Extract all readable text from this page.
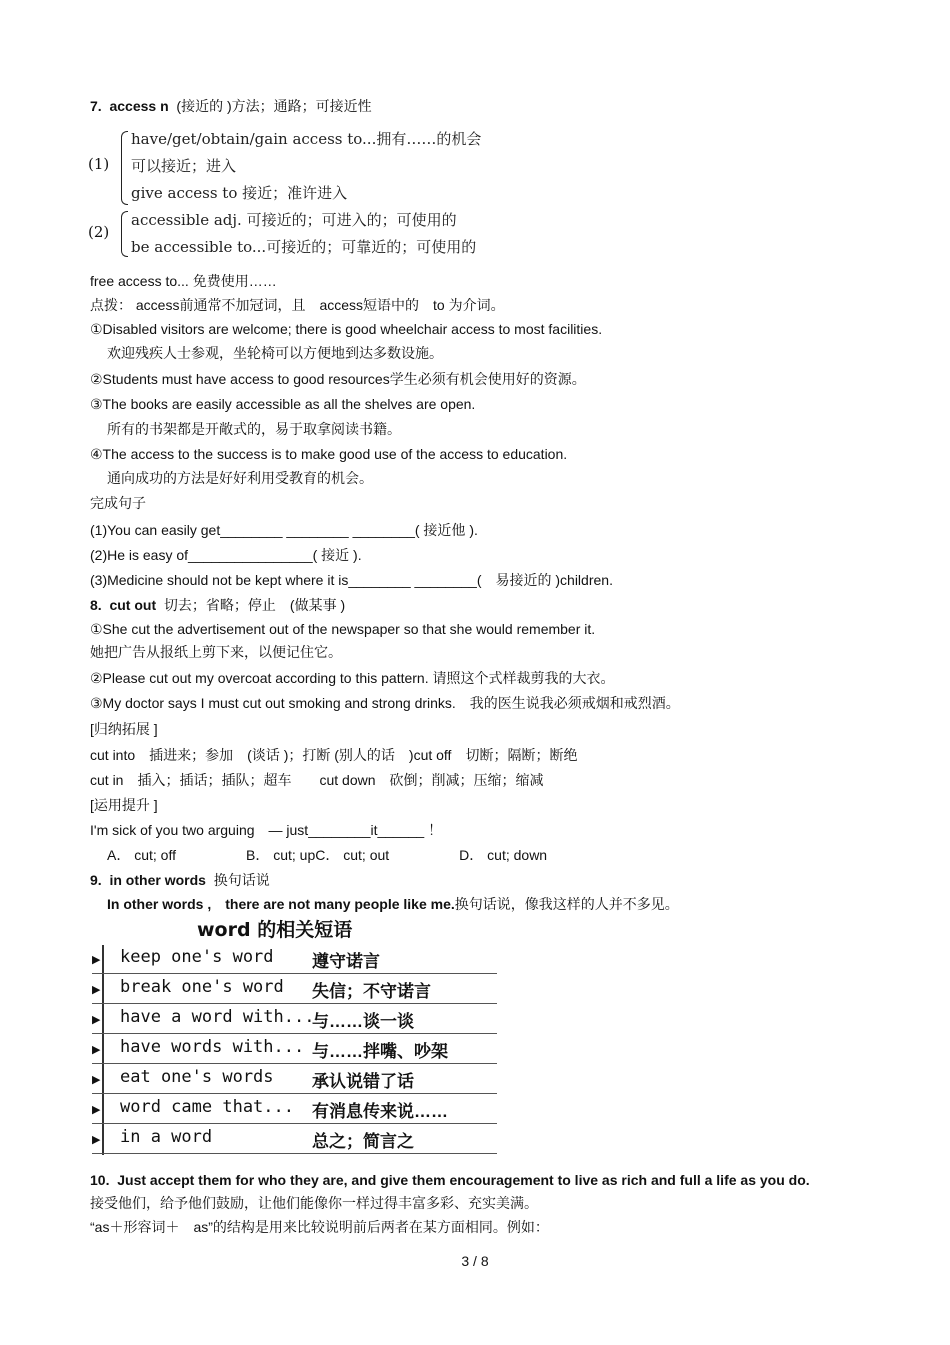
7. access n (接近的 )方法；通路；可接近性
(1)
have/get/obtain/gain access to...拥有……的机会
可以接近；进入
give access to 接近；准许进入
(2)
accessible adj. 可接近的；可进入的；可使用的
be accessible to...可接近的；可靠近的；可使用的
free access to... 免费使用……
点拨： access前通常不加冠词，且　access短语中的　to 为介词。
①Disabled visitors are welcome; there is good wheelchair access to most facilities.
欢迎残疾人士参观，坐轮椅可以方便地到达多数设施。
②Students must have access to good resources学生必须有机会使用好的资源。
③The books are easily accessible as all the shelves are open.
所有的书架都是开敞式的，易于取拿阅读书籍。
④The access to the success is to make good use of the access to education.
通向成功的方法是好好利用受教育的机会。
完成句子
(1)You can easily get________ ________ ________( 接近他 ).
(2)He is easy of________________( 接近 ).
(3)Medicine should not be kept where it is________ ________(　易接近的 )children.
8. cut out 切去；省略；停止　(做某事 )
①She cut the advertisement out of the newspaper so that she would remember it.
她把广告从报纸上剪下来，以便记住它。
②Please cut out my overcoat according to this pattern. 请照这个式样裁剪我的大衣。
③My doctor says I must cut out smoking and strong drinks.　我的医生说我必须戒烟和戒烈酒。
[归纳拓展 ]
cut into　插进来；参加　(谈话 )；打断 (别人的话　)cut off　切断；隔断；断绝
cut in　插入；插话；插队；超车　　cut down　砍倒；削减；压缩；缩减
[运用提升 ]
I'm sick of you two arguing　— just________it______ ！
A． cut; off　　　　　B． cut; upC． cut; out　　　　　D． cut; down
9. in other words 换句话说
In other words ,　there are not many people like me.换句话说，像我这样的人并不多见。
word 的相关短语
▶ keep one's word 遵守诺言
▶ break one's word 失信；不守诺言
▶ have a word with...
与……谈一谈
▶ have words with... 与……拌嘴、吵架
▶ eat one's words 承认说错了话
▶ word came that... 有消息传来说……
▶ in a word	总之；简言之
10. Just accept them for who they are, and give them encouragement to live as rich and full a life as you do.
接受他们，给予他们鼓励，让他们能像你一样过得丰富多彩、充实美满。
“as＋形容词＋　as”的结构是用来比较说明前后两者在某方面相同。例如：
3 / 8
